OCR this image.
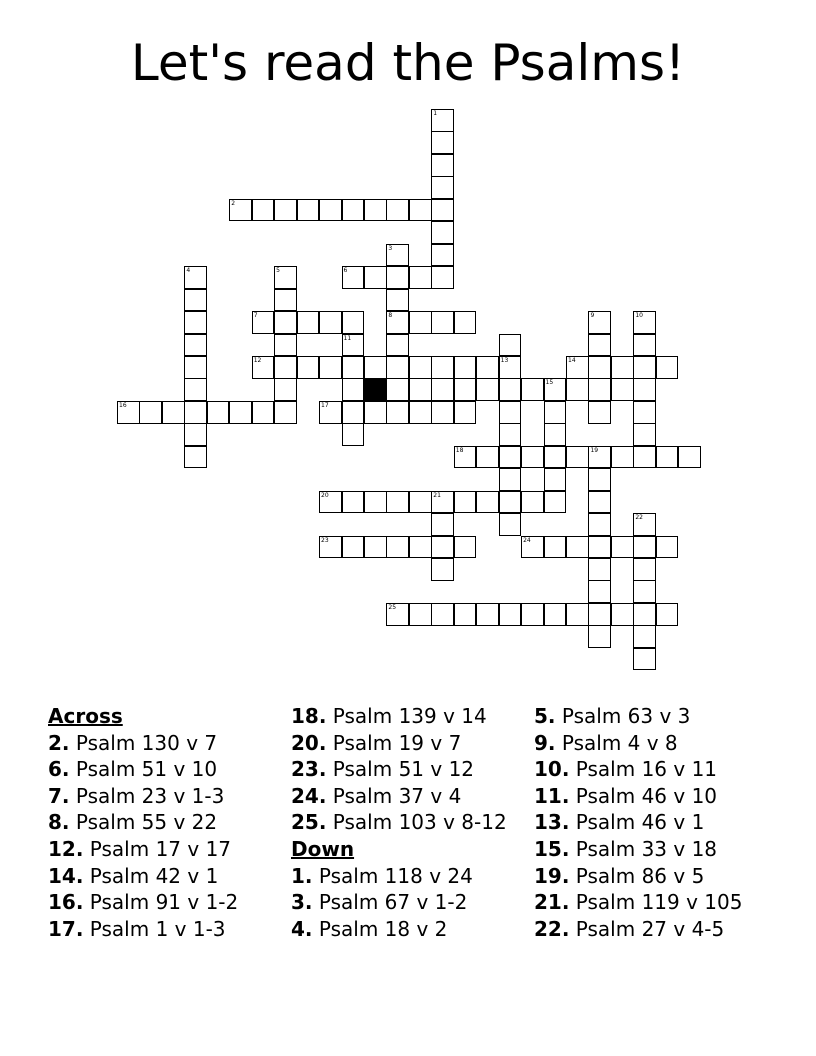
Let's read the Psalms!
1
2
3
4	5	6
7	8	9	10
11
12	13	14
15
16	17
18	19
20	21
22
23	24
25
Across
2. Psalm 130 v 7
6. Psalm 51 v 10
7. Psalm 23 v 1-3
8. Psalm 55 v 22
12. Psalm 17 v 17
14. Psalm 42 v 1
16. Psalm 91 v 1-2
17. Psalm 1 v 1-3
18. Psalm 139 v 14
20. Psalm 19 v 7
23. Psalm 51 v 12
24. Psalm 37 v 4
25. Psalm 103 v 8-12
Down
1. Psalm 118 v 24
3. Psalm 67 v 1-2
4. Psalm 18 v 2
5. Psalm 63 v 3
9. Psalm 4 v 8
10. Psalm 16 v 11
11. Psalm 46 v 10
13. Psalm 46 v 1
15. Psalm 33 v 18
19. Psalm 86 v 5
21. Psalm 119 v 105
22. Psalm 27 v 4-5
